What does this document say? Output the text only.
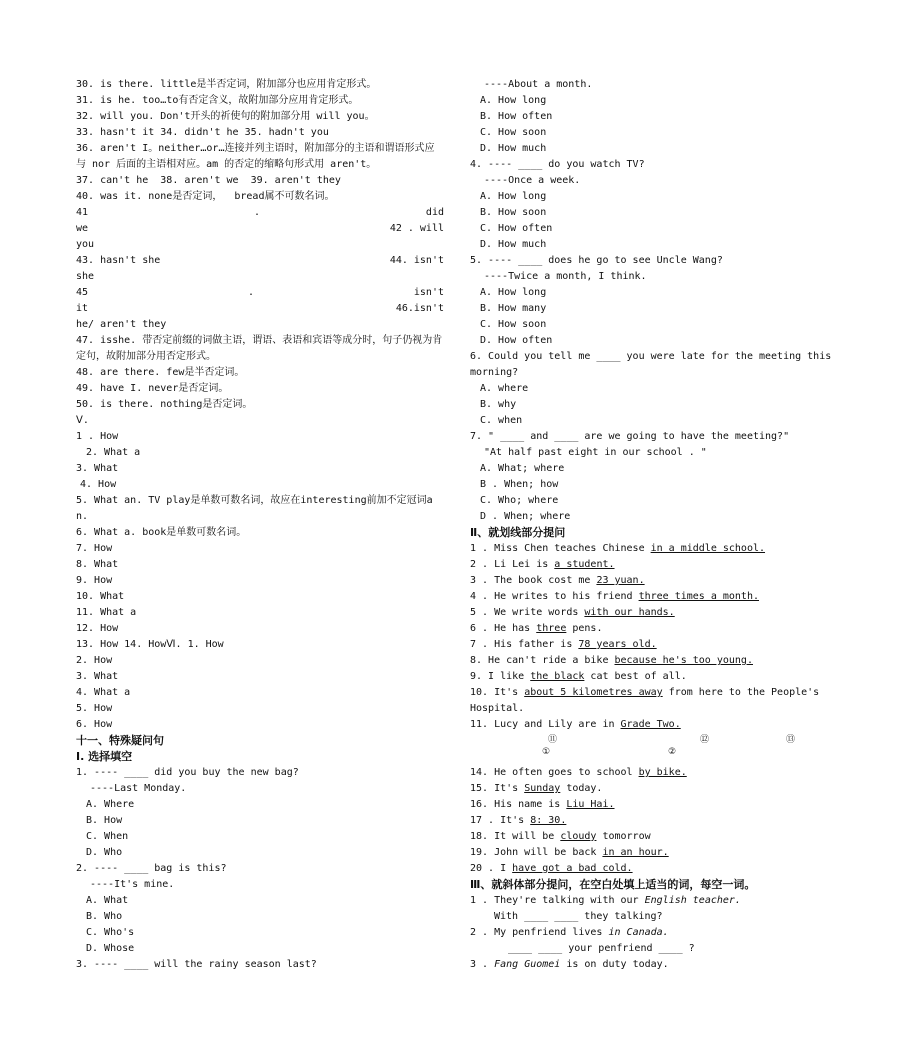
30. is there. little是半否定词，附加部分也应用肯定形式。
31. is he. too…to有否定含义，故附加部分应用肯定形式。
32. will you. Don't开头的祈使句的附加部分用 will you。
33. hasn't it 34. didn't he 35. hadn't you
36. aren't I。neither…or…连接并列主语时，附加部分的主语和谓语形式应与 nor 后面的主语相对应。am 的否定的缩略句形式用 aren't。
37. can't he  38. aren't we  39. aren't they
40. was it. none是否定词，  bread属不可数名词。
41	.	did
we	42 . will
you
43. hasn't she	44. isn't
she
45	.	isn't
it	46.isn't
he/ aren't they
47. isshe. 带否定前缀的词做主语，谓语、表语和宾语等成分时，句子仍视为肯定句，故附加部分用否定形式。
48. are there. few是半否定词。
49. have I. never是否定词。
50. is there. nothing是否定词。
Ⅴ.
1 . How
2. What a
3. What
4. How
5. What an. TV play是单数可数名词，故应在interesting前加不定冠词an.
6. What a. book是单数可数名词。
7. How
8. What
9. How
10. What
11. What a
12. How
13. How 14. HowⅥ. 1. How
2. How
3. What
4. What a
5. How
6. How
十一、特殊疑问句
Ⅰ. 选择填空
1. ---- ____ did you buy the new bag?
----Last Monday.
A. Where
B. How
C. When
D. Who
2. ---- ____ bag is this?
----It's mine.
A. What
B. Who
C. Who's
D. Whose
3. ---- ____ will the rainy season last?
----About a month.
A. How long
B. How often
C. How soon
D. How much
4. ---- ____ do you watch TV?
----Once a week.
A. How long
B. How soon
C. How often
D. How much
5. ---- ____ does he go to see Uncle Wang?
----Twice a month, I think.
A. How long
B. How many
C. How soon
D. How often
6. Could you tell me ____ you were late for the meeting this morning?
A. where
B. why
C. when
7. " ____ and ____ are we going to have the meeting?"
"At half past eight in our school . "
A. What; where
B . When; how
C. Who; where
D . When; where
Ⅱ、就划线部分提问
1 . Miss Chen teaches Chinese in a middle school.
2 . Li Lei is a student.
3 . The book cost me 23 yuan.
4 . He writes to his friend three times a month.
5 . We write words with our hands.
6 . He has three pens.
7 . His father is 78 years old.
8. He can't ride a bike because he's too young.
9. I like the black cat best of all.
10. It's about 5 kilometres away from here to the People's
Hospital.
11. Lucy and Lily are in Grade Two.
14. He often goes to school by bike.
15. It's Sunday today.
16. His name is Liu Hai.
17 . It's 8: 30.
18. It will be cloudy tomorrow
19. John will be back in an hour.
20 . I have got a bad cold.
Ⅲ、就斜体部分提问，在空白处填上适当的词，每空一词。
1 . They're talking with our English teacher.
With ____ ____ they talking?
2 . My penfriend lives in Canada.
____ ____ your penfriend ____ ?
3 . Fang Guomei is on duty today.
⑪	⑫	⑬
①	②
